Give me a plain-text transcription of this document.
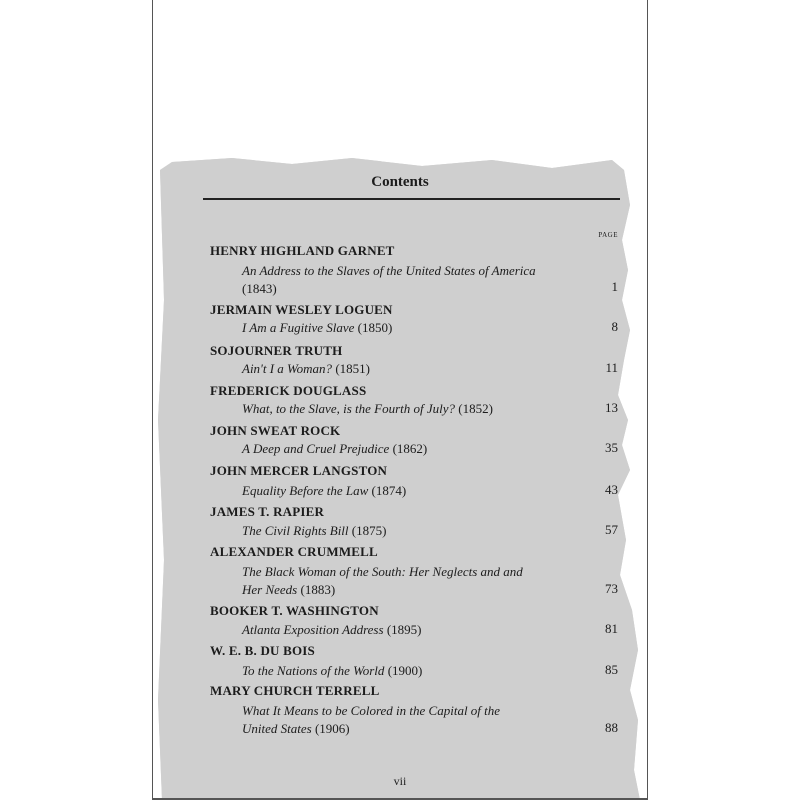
Contents
PAGE
HENRY HIGHLAND GARNET
An Address to the Slaves of the United States of America (1843)	1
JERMAIN WESLEY LOGUEN
I Am a Fugitive Slave (1850)	8
SOJOURNER TRUTH
Ain't I a Woman? (1851)	11
FREDERICK DOUGLASS
What, to the Slave, is the Fourth of July? (1852)	13
JOHN SWEAT ROCK
A Deep and Cruel Prejudice (1862)	35
JOHN MERCER LANGSTON
Equality Before the Law (1874)	43
JAMES T. RAPIER
The Civil Rights Bill (1875)	57
ALEXANDER CRUMMELL
The Black Woman of the South: Her Neglects and and Her Needs (1883)	73
BOOKER T. WASHINGTON
Atlanta Exposition Address (1895)	81
W. E. B. DU BOIS
To the Nations of the World (1900)	85
MARY CHURCH TERRELL
What It Means to be Colored in the Capital of the United States (1906)	88
vii
